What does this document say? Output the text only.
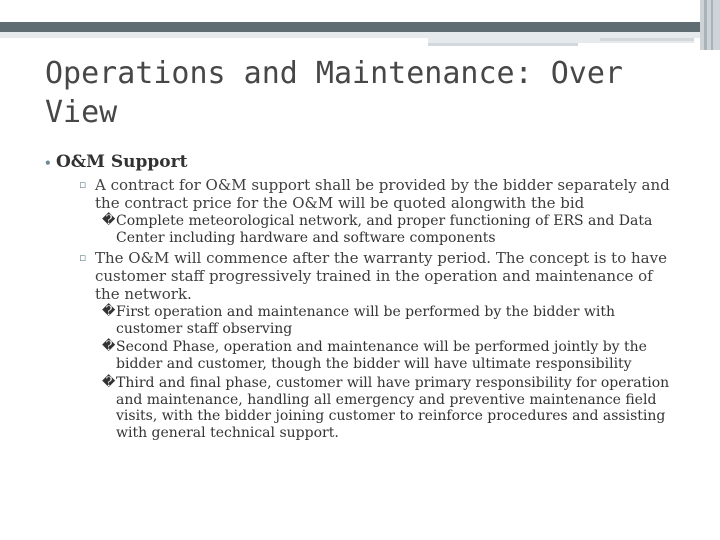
Operations and Maintenance: Over View
• O&M Support
▫ A contract for O&M support shall be provided by the bidder separately and the contract price for the O&M will be quoted alongwith the bid
� Complete meteorological network, and proper functioning of ERS and Data Center including hardware and software components
▫ The O&M will commence after the warranty period. The concept is to have customer staff progressively trained in the operation and maintenance of the network.
� First operation and maintenance will be performed by the bidder with customer staff observing
� Second Phase, operation and maintenance will be performed jointly by the bidder and customer, though the bidder will have ultimate responsibility
� Third and final phase, customer will have primary responsibility for operation and maintenance, handling all emergency and preventive maintenance field visits, with the bidder joining customer to reinforce procedures and assisting with general technical support.
